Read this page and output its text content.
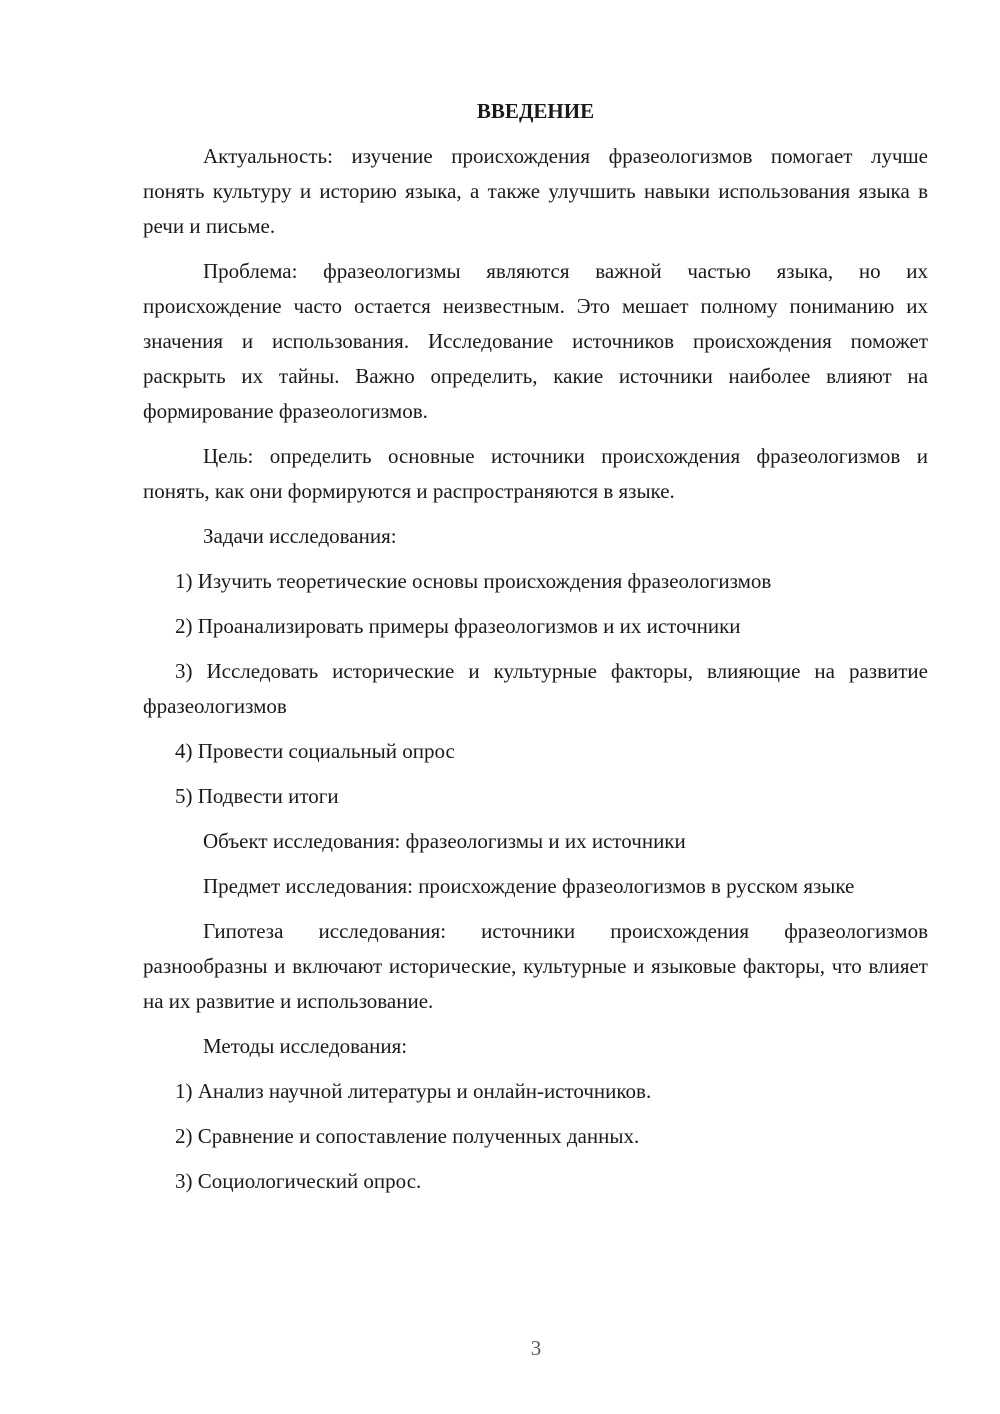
ВВЕДЕНИЕ

Актуальность: изучение происхождения фразеологизмов помогает лучше понять культуру и историю языка, а также улучшить навыки использования языка в речи и письме.

Проблема: фразеологизмы являются важной частью языка, но их происхождение часто остается неизвестным. Это мешает полному пониманию их значения и использования. Исследование источников происхождения поможет раскрыть их тайны. Важно определить, какие источники наиболее влияют на формирование фразеологизмов.

Цель: определить основные источники происхождения фразеологизмов и понять, как они формируются и распространяются в языке.

Задачи исследования:

1) Изучить теоретические основы происхождения фразеологизмов

2) Проанализировать примеры фразеологизмов и их источники

3) Исследовать исторические и культурные факторы, влияющие на развитие фразеологизмов

4) Провести социальный опрос

5) Подвести итоги

Объект исследования: фразеологизмы и их источники

Предмет исследования: происхождение фразеологизмов в русском языке

Гипотеза исследования: источники происхождения фразеологизмов разнообразны и включают исторические, культурные и языковые факторы, что влияет на их развитие и использование.

Методы исследования:

1) Анализ научной литературы и онлайн-источников.

2) Сравнение и сопоставление полученных данных.

3) Социологический опрос.

3
